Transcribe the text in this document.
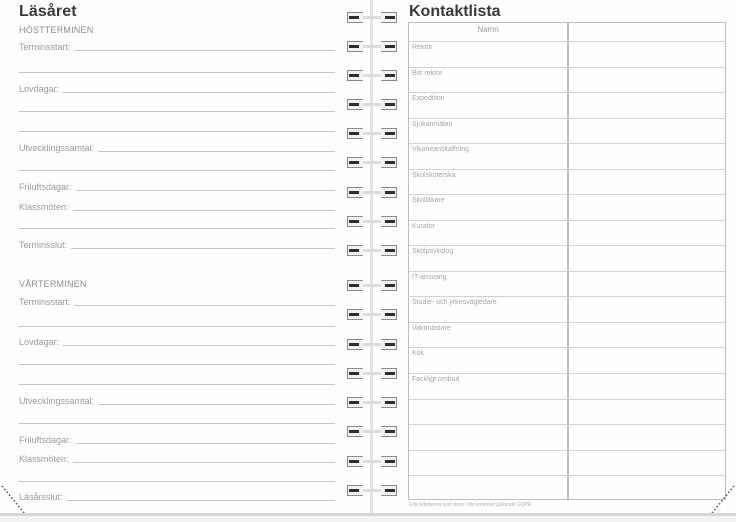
Läsåret
HÖSTTERMINEN
Terminsstart:
Lovdagar:
Utvecklingssamtal:
Friluftsdagar:
Klassmöten:
Terminsslut:
VÅRTERMINEN
Terminsstart:
Lovdagar:
Utvecklingssamtal:
Friluftsdagar:
Klassmöten:
Läsårsslut:
Kontaktlista
Namn
Rektor
Bitr rektor
Expedition
Sjukanmälan
Vikarieanskaffning
Skolsköterska
Skolläkare
Kurator
Skolpsykolog
IT-ansvarig
Studie- och yrkesvägledare
Vaktmästare
Kök
Fackligt ombud
Följ riktlinjerna som finns i din kommun gällande GDPR.
